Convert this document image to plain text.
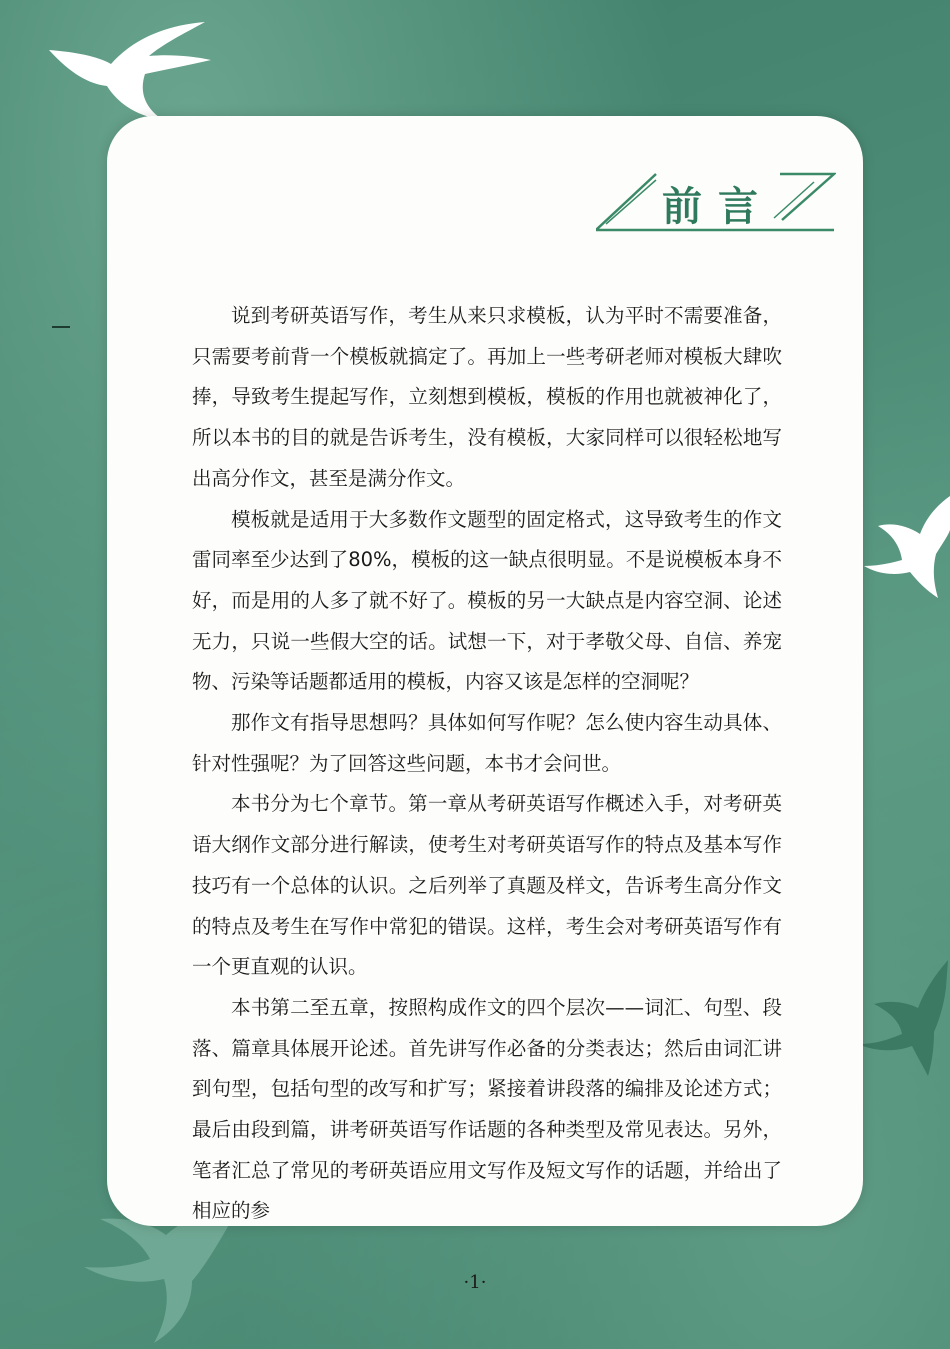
前言

说到考研英语写作，考生从来只求模板，认为平时不需要准备，只需要考前背一个模板就搞定了。再加上一些考研老师对模板大肆吹捧，导致考生提起写作，立刻想到模板，模板的作用也就被神化了，所以本书的目的就是告诉考生，没有模板，大家同样可以很轻松地写出高分作文，甚至是满分作文。

模板就是适用于大多数作文题型的固定格式，这导致考生的作文雷同率至少达到了80%，模板的这一缺点很明显。不是说模板本身不好，而是用的人多了就不好了。模板的另一大缺点是内容空洞、论述无力，只说一些假大空的话。试想一下，对于孝敬父母、自信、养宠物、污染等话题都适用的模板，内容又该是怎样的空洞呢？

那作文有指导思想吗？具体如何写作呢？怎么使内容生动具体、针对性强呢？为了回答这些问题，本书才会问世。

本书分为七个章节。第一章从考研英语写作概述入手，对考研英语大纲作文部分进行解读，使考生对考研英语写作的特点及基本写作技巧有一个总体的认识。之后列举了真题及样文，告诉考生高分作文的特点及考生在写作中常犯的错误。这样，考生会对考研英语写作有一个更直观的认识。

本书第二至五章，按照构成作文的四个层次——词汇、句型、段落、篇章具体展开论述。首先讲写作必备的分类表达；然后由词汇讲到句型，包括句型的改写和扩写；紧接着讲段落的编排及论述方式；最后由段到篇，讲考研英语写作话题的各种类型及常见表达。另外，笔者汇总了常见的考研英语应用文写作及短文写作的话题，并给出了相应的参

·1·
